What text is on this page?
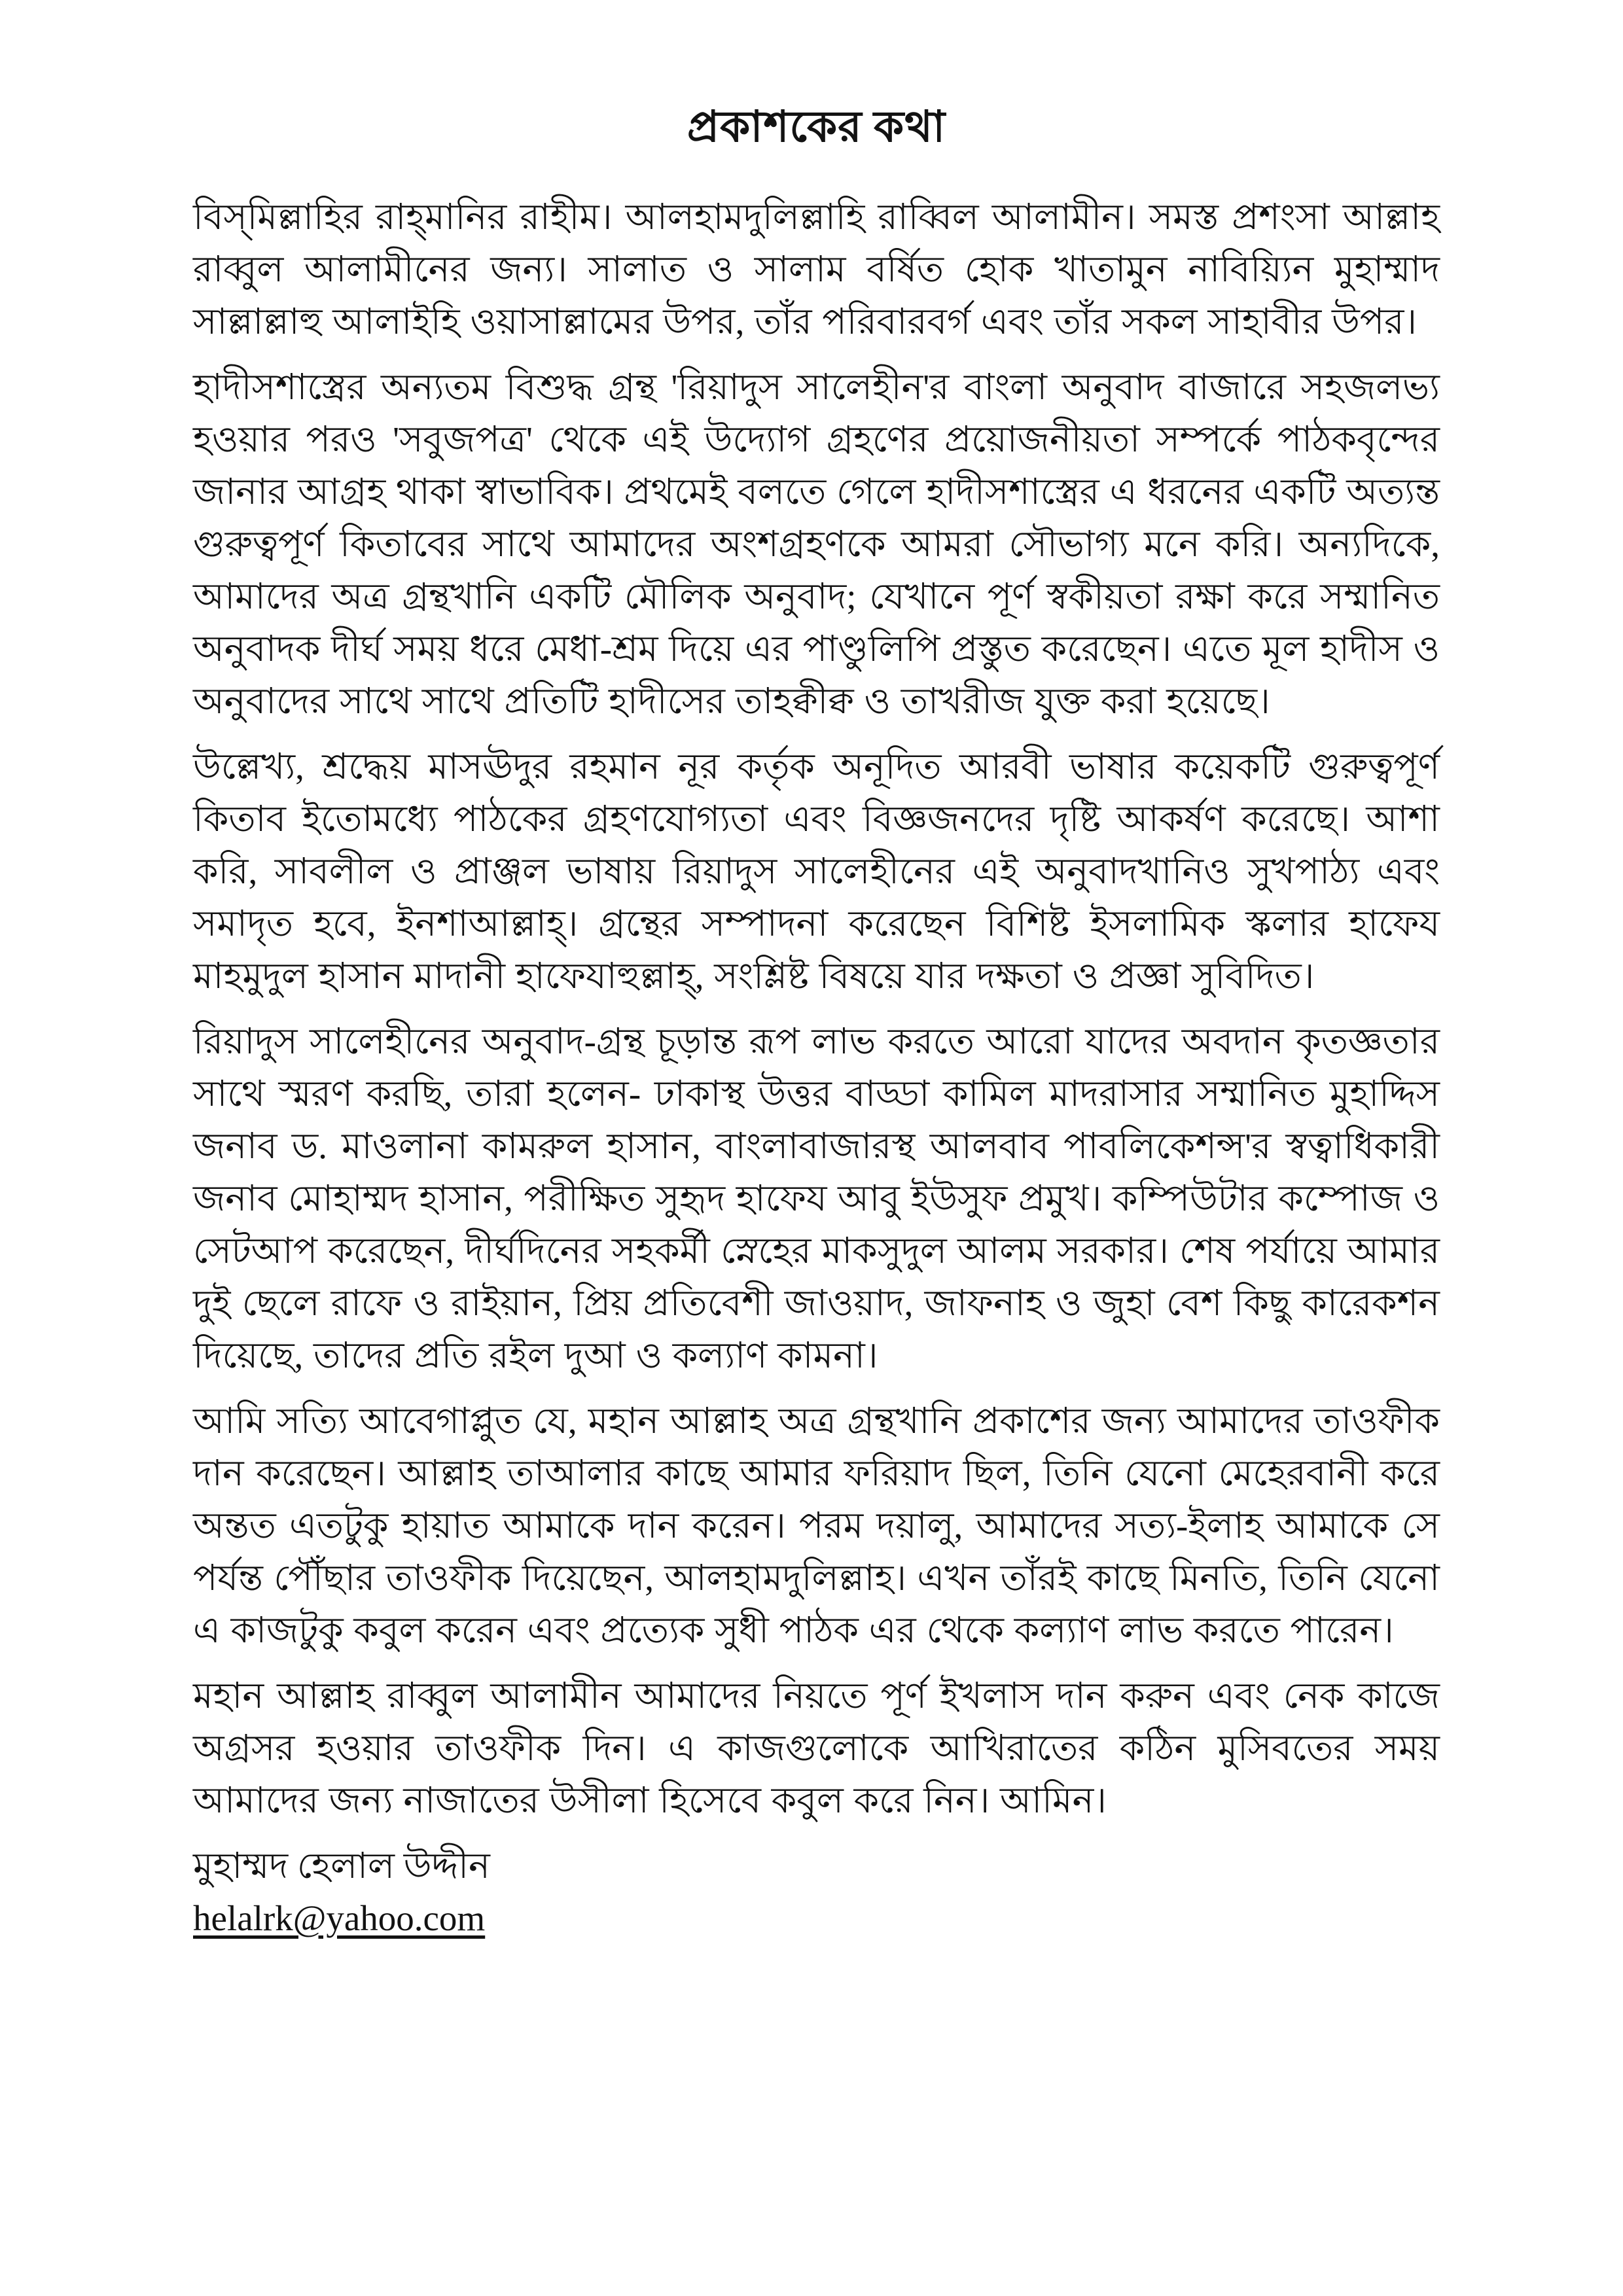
প্রকাশকের কথা

বিস্‌মিল্লাহির রাহ্‌মানির রাহীম। আলহামদুলিল্লাহি রাব্বিল আলামীন। সমস্ত প্রশংসা আল্লাহ রাব্বুল আলামীনের জন্য। সালাত ও সালাম বর্ষিত হোক খাতামুন নাবিয়্যিন মুহাম্মাদ সাল্লাল্লাহু আলাইহি ওয়াসাল্লামের উপর, তাঁর পরিবারবর্গ এবং তাঁর সকল সাহাবীর উপর।

হাদীসশাস্ত্রের অন্যতম বিশুদ্ধ গ্রন্থ 'রিয়াদুস সালেহীন'র বাংলা অনুবাদ বাজারে সহজলভ্য হওয়ার পরও 'সবুজপত্র' থেকে এই উদ্যোগ গ্রহণের প্রয়োজনীয়তা সম্পর্কে পাঠকবৃন্দের জানার আগ্রহ থাকা স্বাভাবিক। প্রথমেই বলতে গেলে হাদীসশাস্ত্রের এ ধরনের একটি অত্যন্ত গুরুত্বপূর্ণ কিতাবের সাথে আমাদের অংশগ্রহণকে আমরা সৌভাগ্য মনে করি। অন্যদিকে, আমাদের অত্র গ্রন্থখানি একটি মৌলিক অনুবাদ; যেখানে পূর্ণ স্বকীয়তা রক্ষা করে সম্মানিত অনুবাদক দীর্ঘ সময় ধরে মেধা-শ্রম দিয়ে এর পাণ্ডুলিপি প্রস্তুত করেছেন। এতে মূল হাদীস ও অনুবাদের সাথে সাথে প্রতিটি হাদীসের তাহক্বীক্ব ও তাখরীজ যুক্ত করা হয়েছে।

উল্লেখ্য, শ্রদ্ধেয় মাসঊদুর রহমান নূর কর্তৃক অনূদিত আরবী ভাষার কয়েকটি গুরুত্বপূর্ণ কিতাব ইতোমধ্যে পাঠকের গ্রহণযোগ্যতা এবং বিজ্ঞজনদের দৃষ্টি আকর্ষণ করেছে। আশা করি, সাবলীল ও প্রাঞ্জল ভাষায় রিয়াদুস সালেহীনের এই অনুবাদখানিও সুখপাঠ্য এবং সমাদৃত হবে, ইনশাআল্লাহ্‌। গ্রন্থের সম্পাদনা করেছেন বিশিষ্ট ইসলামিক স্কলার হাফেয মাহমুদুল হাসান মাদানী হাফেযাহুল্লাহ্‌, সংশ্লিষ্ট বিষয়ে যার দক্ষতা ও প্রজ্ঞা সুবিদিত।

রিয়াদুস সালেহীনের অনুবাদ-গ্রন্থ চূড়ান্ত রূপ লাভ করতে আরো যাদের অবদান কৃতজ্ঞতার সাথে স্মরণ করছি, তারা হলেন- ঢাকাস্থ উত্তর বাড্ডা কামিল মাদরাসার সম্মানিত মুহাদ্দিস জনাব ড. মাওলানা কামরুল হাসান, বাংলাবাজারস্থ আলবাব পাবলিকেশন্স'র স্বত্বাধিকারী জনাব মোহাম্মদ হাসান, পরীক্ষিত সুহৃদ হাফেয আবু ইউসুফ প্রমুখ। কম্পিউটার কম্পোজ ও সেটআপ করেছেন, দীর্ঘদিনের সহকর্মী স্নেহের মাকসুদুল আলম সরকার। শেষ পর্যায়ে আমার দুই ছেলে রাফে ও রাইয়ান, প্রিয় প্রতিবেশী জাওয়াদ, জাফনাহ ও জুহা বেশ কিছু কারেকশন দিয়েছে, তাদের প্রতি রইল দুআ ও কল্যাণ কামনা।

আমি সত্যি আবেগাপ্লুত যে, মহান আল্লাহ অত্র গ্রন্থখানি প্রকাশের জন্য আমাদের তাওফীক দান করেছেন। আল্লাহ তাআলার কাছে আমার ফরিয়াদ ছিল, তিনি যেনো মেহেরবানী করে অন্তত এতটুকু হায়াত আমাকে দান করেন। পরম দয়ালু, আমাদের সত্য-ইলাহ আমাকে সে পর্যন্ত পৌঁছার তাওফীক দিয়েছেন, আলহামদুলিল্লাহ। এখন তাঁরই কাছে মিনতি, তিনি যেনো এ কাজটুকু কবুল করেন এবং প্রত্যেক সুধী পাঠক এর থেকে কল্যাণ লাভ করতে পারেন।

মহান আল্লাহ রাব্বুল আলামীন আমাদের নিয়তে পূর্ণ ইখলাস দান করুন এবং নেক কাজে অগ্রসর হওয়ার তাওফীক দিন। এ কাজগুলোকে আখিরাতের কঠিন মুসিবতের সময় আমাদের জন্য নাজাতের উসীলা হিসেবে কবুল করে নিন। আমিন।

মুহাম্মদ হেলাল উদ্দীন
helalrk@yahoo.com
